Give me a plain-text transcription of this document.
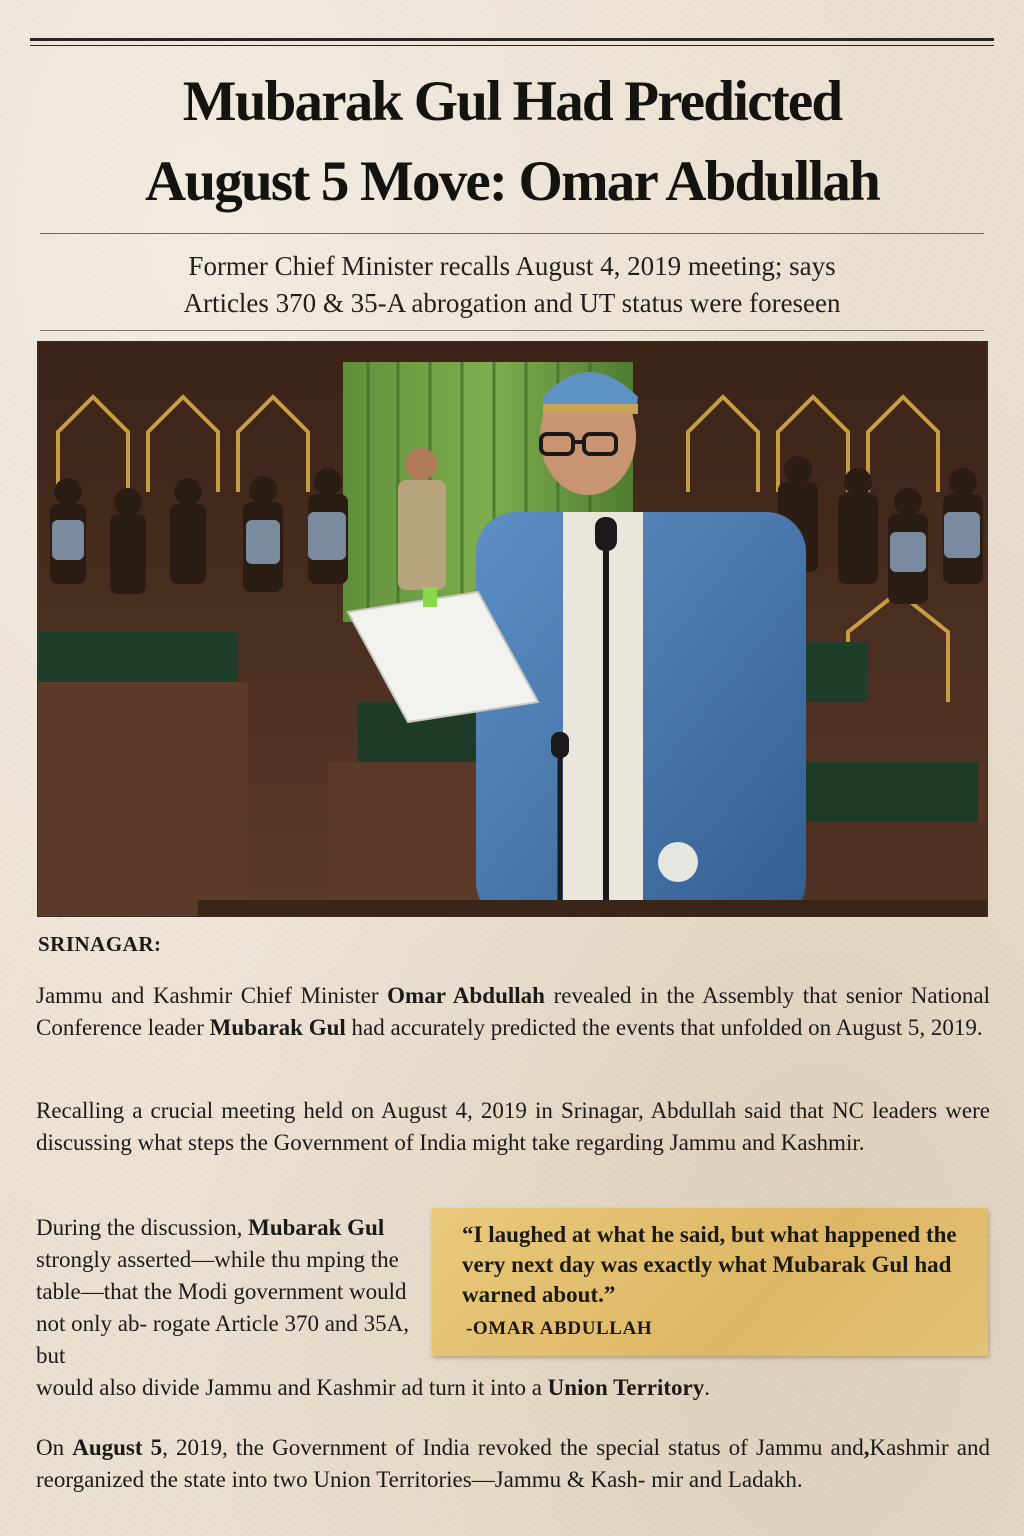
Mubarak Gul Had Predicted
August 5 Move: Omar Abdullah
Former Chief Minister recalls August 4, 2019 meeting; says
Articles 370 & 35-A abrogation and UT status were foreseen
SRINAGAR:
Jammu and Kashmir Chief Minister Omar Abdullah revealed in the Assembly that senior National Conference leader Mubarak Gul had accurately predicted the events that unfolded on August 5, 2019.
Recalling a crucial meeting held on August 4, 2019 in Srinagar, Abdullah said that NC leaders were discussing what steps the Government of India might take regarding Jammu and Kashmir.
During the discussion, Mubarak Gul strongly asserted—while thu mping the table—that the Modi government would not only ab- rogate Article 370 and 35A, but
“I laughed at what he said, but what happened the very next day was exactly what Mubarak Gul had warned about.”
-OMAR ABDULLAH
would also divide Jammu and Kashmir ad turn it into a Union Territory.
On August 5, 2019, the Government of India revoked the special status of Jammu and,Kashmir and reorganized the state into two Union Territories—Jammu & Kash- mir and Ladakh.
